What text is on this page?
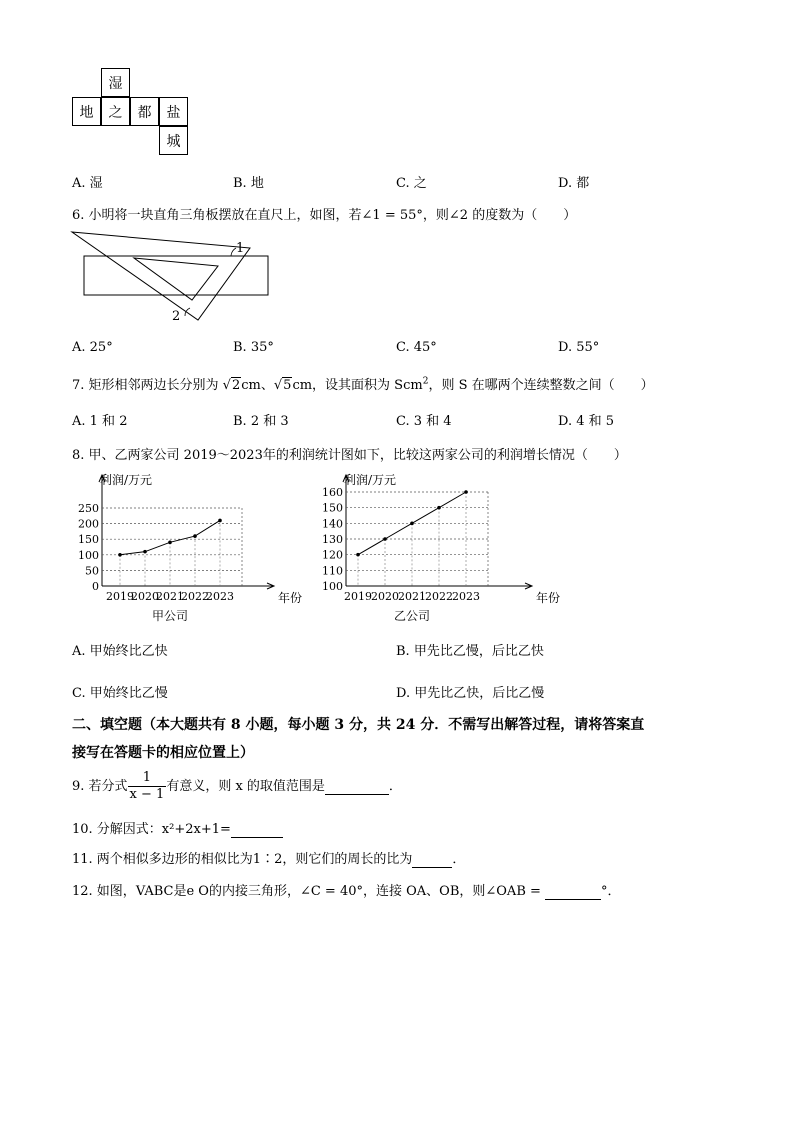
湿
地	之	都	盐
城
A. 湿	B. 地	C. 之	D. 都
6. 小明将一块直角三角板摆放在直尺上，如图，若∠1 = 55°，则∠2 的度数为（　　）
1
2
A. 25°	B. 35°	C. 45°	D. 55°
7. 矩形相邻两边长分别为 √2cm、√5cm，设其面积为 Scm$^2$，则 S 在哪两个连续整数之间（　　）
A. 1 和 2	B. 2 和 3	C. 3 和 4	D. 4 和 5
8. 甲、乙两家公司 2019～2023年的利润统计图如下，比较这两家公司的利润增长情况（　　）
利润/万元
0
50
100
150
200
250
2019
2020
2021
2022
2023	年份
甲公司
利润/万元
100
110
120
130
140
150
160
2019 2020 2021 2022 2023	年份
乙公司
A. 甲始终比乙快	B. 甲先比乙慢，后比乙快
C. 甲始终比乙慢	D. 甲先比乙快，后比乙慢
二、填空题（本大题共有 8 小题，每小题 3 分，共 24 分．不需写出解答过程，请将答案直
接写在答题卡的相应位置上）
9. 若分式 $\frac{1}{x - 1}$ 有意义，则 x 的取值范围是	．
10. 分解因式：x²+2x+1=
11. 两个相似多边形的相似比为1∶2，则它们的周长的比为	．
12. 如图，VABC是e O的内接三角形，∠C = 40°，连接 OA、OB，则∠OAB =	°．
